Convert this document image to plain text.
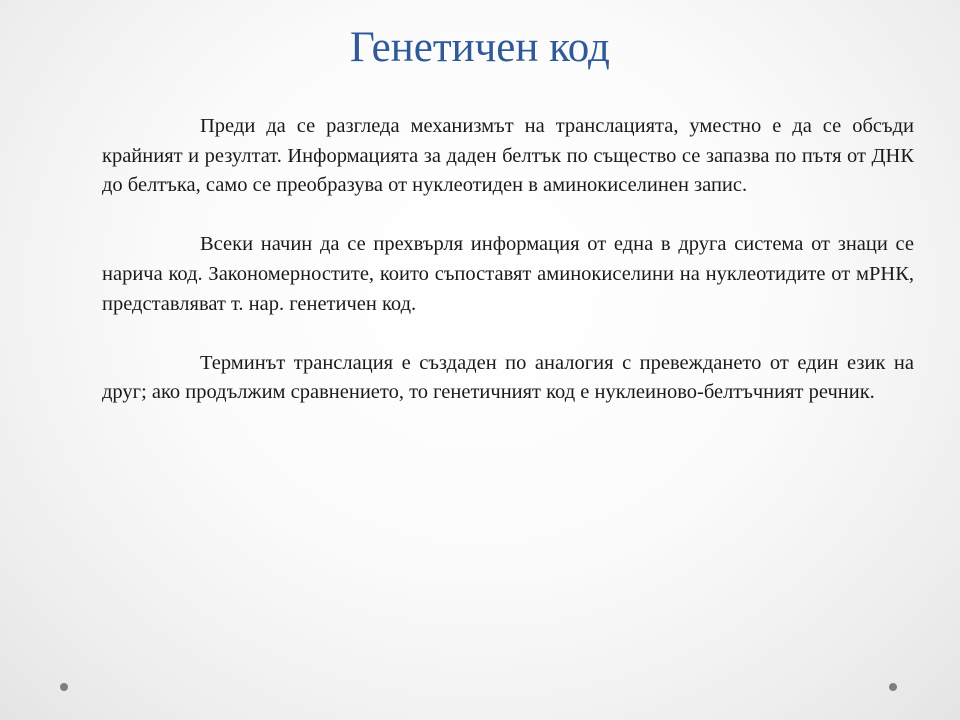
Генетичен код

Преди да се разгледа механизмът на транслацията, уместно е да се обсъди крайният и резултат. Информацията за даден белтък по същество се запазва по пътя от ДНК до белтъка, само се преобразува от нуклеотиден в аминокиселинен запис.

Всеки начин да се прехвърля информация от една в друга система от знаци се нарича код. Закономерностите, които съпоставят аминокиселини на нуклеотидите от мРНК, представляват т. нар. генетичен код.

Терминът транслация е създаден по аналогия с превеждането от един език на друг; ако продължим сравнението, то генетичният код е нуклеиново-белтъчният речник.
